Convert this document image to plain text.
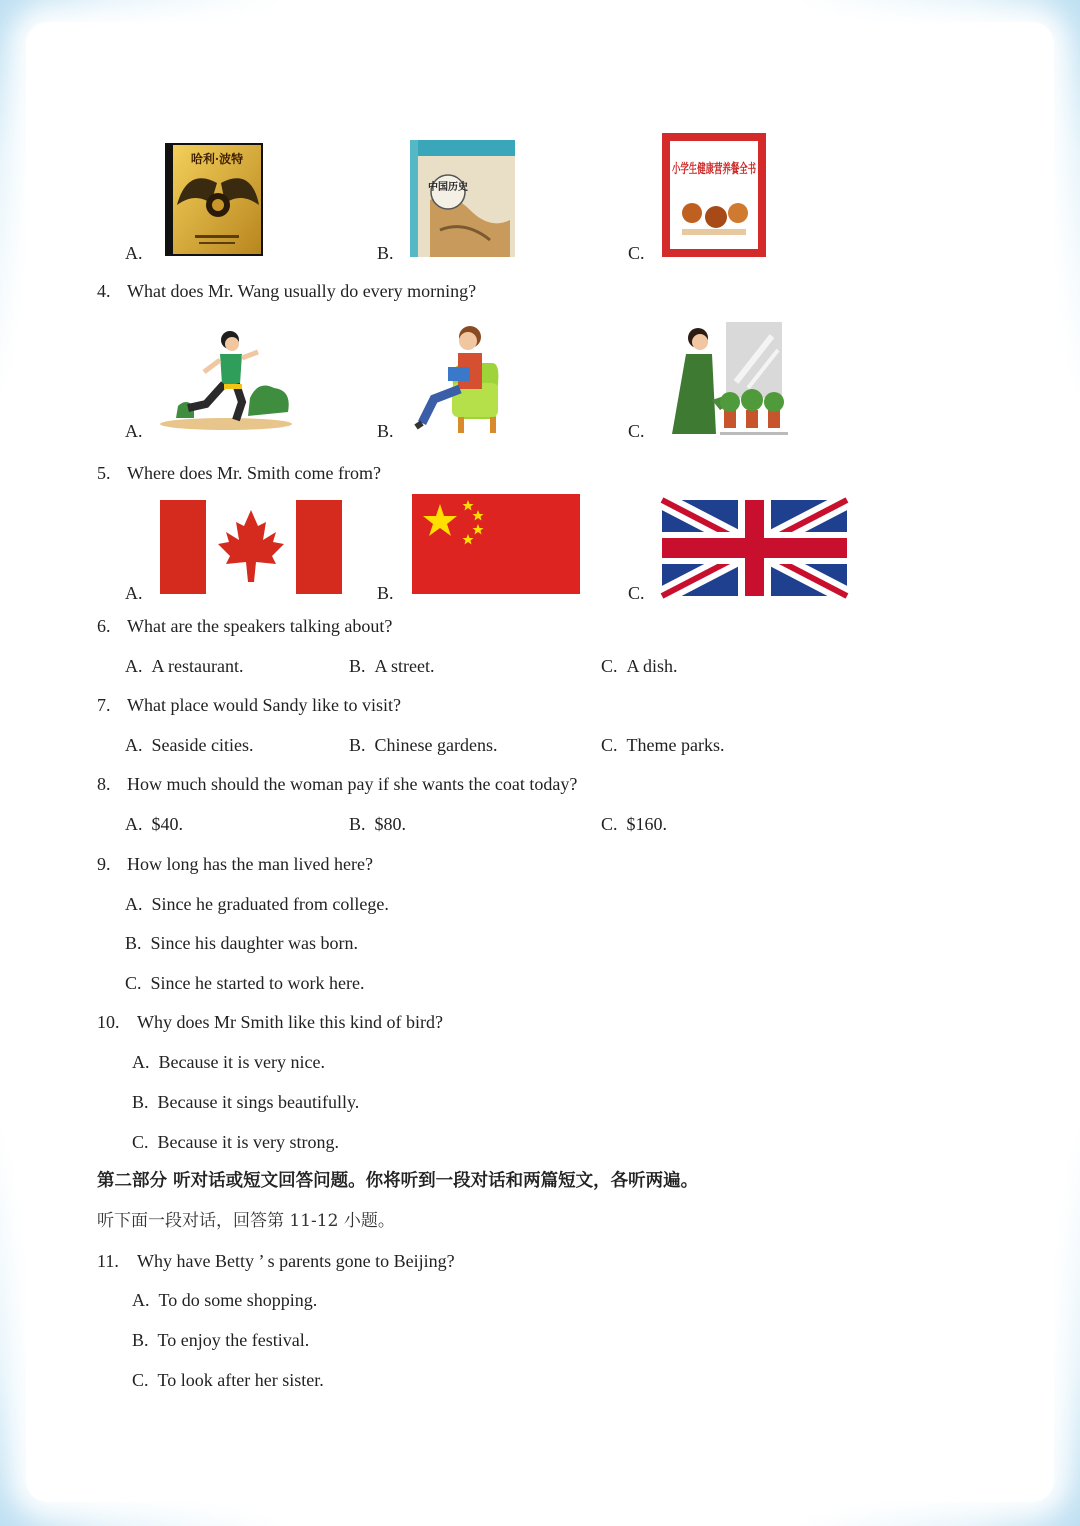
哈利·波特
中国历史
小学生健康营养餐全书
A.	B.	C.
4. What does Mr. Wang usually do every morning?
A.	B.	C.
5. Where does Mr. Smith come from?
A.	B.	C.
6. What are the speakers talking about?
A. A restaurant.	B. A street.	C. A dish.
7. What place would Sandy like to visit?
A. Seaside cities.	B. Chinese gardens.	C. Theme parks.
8. How much should the woman pay if she wants the coat today?
A. $40.	B. $80.	C. $160.
9. How long has the man lived here?
A. Since he graduated from college.
B. Since his daughter was born.
C. Since he started to work here.
10. Why does Mr Smith like this kind of bird?
A. Because it is very nice.
B. Because it sings beautifully.
C. Because it is very strong.
第二部分 听对话或短文回答问题。你将听到一段对话和两篇短文，各听两遍。
听下面一段对话，回答第 11-12 小题。
11. Why have Betty ’ s parents gone to Beijing?
A. To do some shopping.
B. To enjoy the festival.
C. To look after her sister.
